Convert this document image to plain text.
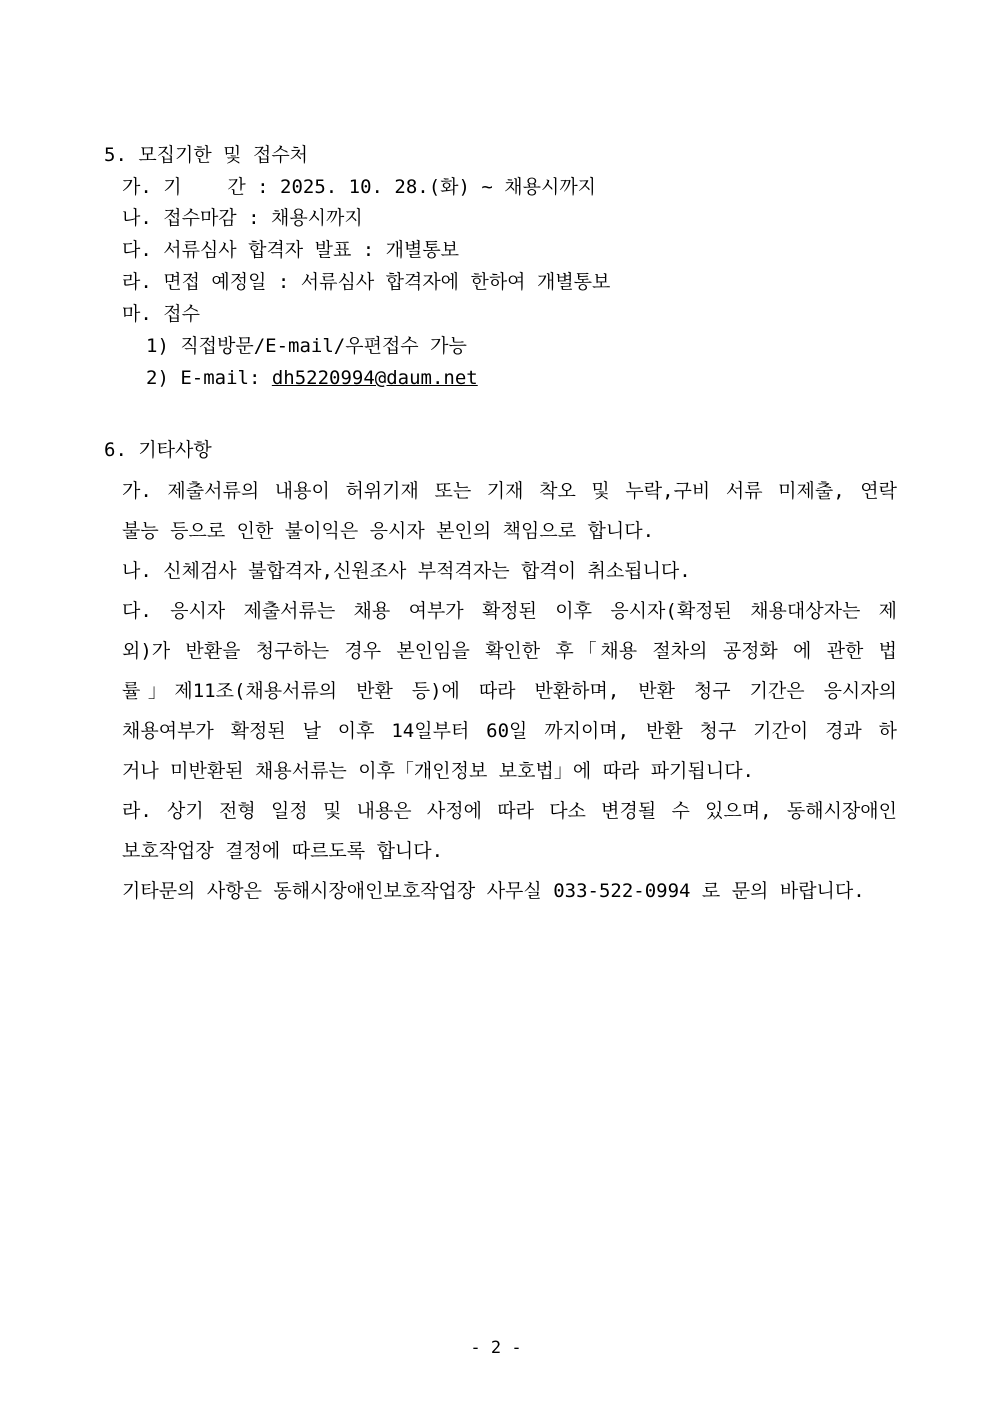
5. 모집기한 및 접수처
가. 기    간 : 2025. 10. 28.(화) ~ 채용시까지
나. 접수마감 : 채용시까지
다. 서류심사 합격자 발표 : 개별통보
라. 면접 예정일 : 서류심사 합격자에 한하여 개별통보
마. 접수
1) 직접방문/E-mail/우편접수 가능
2) E-mail: dh5220994@daum.net
6. 기타사항
가. 제출서류의 내용이 허위기재 또는 기재 착오 및 누락,구비 서류 미제출, 연락
불능 등으로 인한 불이익은 응시자 본인의 책임으로 합니다.
나. 신체검사 불합격자,신원조사 부적격자는 합격이 취소됩니다.
다. 응시자 제출서류는 채용 여부가 확정된 이후 응시자(확정된 채용대상자는 제
외)가 반환을 청구하는 경우 본인임을 확인한 후「채용 절차의 공정화 에 관한 법
률」제11조(채용서류의 반환 등)에 따라 반환하며, 반환 청구 기간은 응시자의
채용여부가 확정된 날 이후 14일부터 60일 까지이며, 반환 청구 기간이 경과 하
거나 미반환된 채용서류는 이후「개인정보 보호법」에 따라 파기됩니다.
라. 상기 전형 일정 및 내용은 사정에 따라 다소 변경될 수 있으며, 동해시장애인
보호작업장 결정에 따르도록 합니다.
기타문의 사항은 동해시장애인보호작업장 사무실 033-522-0994 로 문의 바랍니다.
- 2 -
